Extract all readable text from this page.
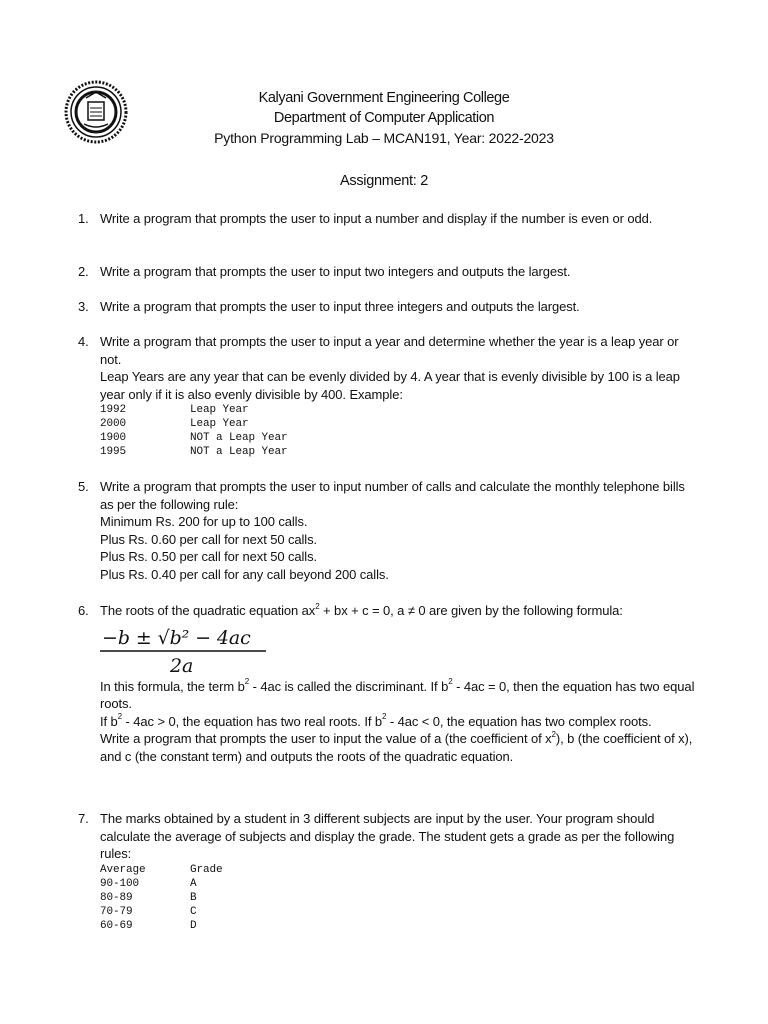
Kalyani Government Engineering College
Department of Computer Application
Python Programming Lab – MCAN191, Year: 2022-2023
Assignment: 2
1. Write a program that prompts the user to input a number and display if the number is even or odd.
2. Write a program that prompts the user to input two integers and outputs the largest.
3. Write a program that prompts the user to input three integers and outputs the largest.
4. Write a program that prompts the user to input a year and determine whether the year is a leap year or not.
Leap Years are any year that can be evenly divided by 4. A year that is evenly divisible by 100 is a leap year only if it is also evenly divisible by 400. Example:
1992	Leap Year
2000	Leap Year
1900	NOT a Leap Year
1995	NOT a Leap Year
5. Write a program that prompts the user to input number of calls and calculate the monthly telephone bills as per the following rule:
Minimum Rs. 200 for up to 100 calls.
Plus Rs. 0.60 per call for next 50 calls.
Plus Rs. 0.50 per call for next 50 calls.
Plus Rs. 0.40 per call for any call beyond 200 calls.
6. The roots of the quadratic equation $ax^2$ + bx + c = 0, a ≠ 0 are given by the following formula:
−b ± √b² − 4ac
2a
In this formula, the term $b^2 - 4ac$ is called the discriminant. If $b^2 - 4ac = 0$, then the equation has two equal roots.
If $b^2 - 4ac > 0$, the equation has two real roots. If $b^2 - 4ac < 0$, the equation has two complex roots.
Write a program that prompts the user to input the value of a (the coefficient of $x^2$), b (the coefficient of x), and c (the constant term) and outputs the roots of the quadratic equation.
7. The marks obtained by a student in 3 different subjects are input by the user. Your program should calculate the average of subjects and display the grade. The student gets a grade as per the following rules:
Average	Grade
90-100	A
80-89	B
70-79	C
60-69	D
